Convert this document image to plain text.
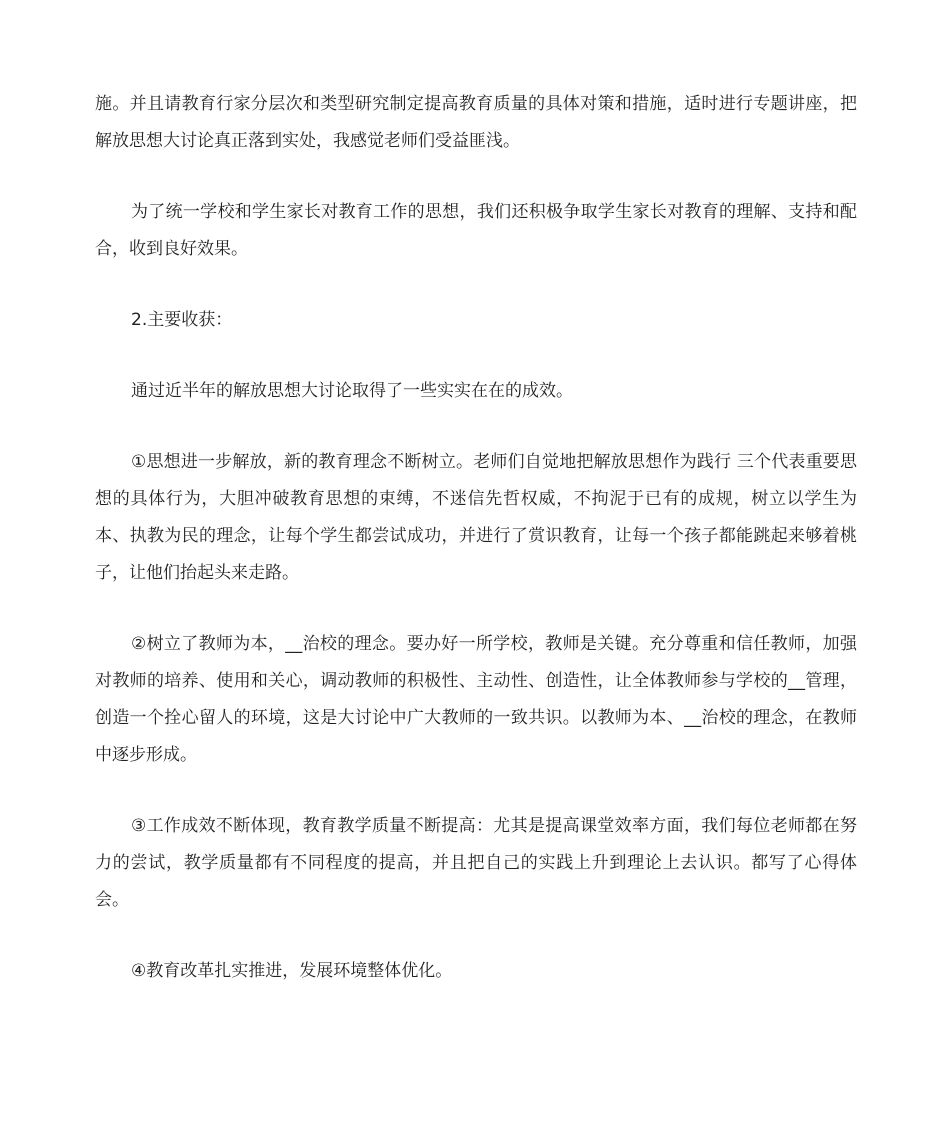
施。并且请教育行家分层次和类型研究制定提高教育质量的具体对策和措施，适时进行专题讲座，把解放思想大讨论真正落到实处，我感觉老师们受益匪浅。

为了统一学校和学生家长对教育工作的思想，我们还积极争取学生家长对教育的理解、支持和配合，收到良好效果。

2.主要收获：

通过近半年的解放思想大讨论取得了一些实实在在的成效。

①思想进一步解放，新的教育理念不断树立。老师们自觉地把解放思想作为践行 三个代表重要思想的具体行为，大胆冲破教育思想的束缚，不迷信先哲权威，不拘泥于已有的成规，树立以学生为本、执教为民的理念，让每个学生都尝试成功，并进行了赏识教育，让每一个孩子都能跳起来够着桃子，让他们抬起头来走路。

②树立了教师为本，__治校的理念。要办好一所学校，教师是关键。充分尊重和信任教师，加强对教师的培养、使用和关心，调动教师的积极性、主动性、创造性，让全体教师参与学校的__管理，创造一个拴心留人的环境，这是大讨论中广大教师的一致共识。以教师为本、__治校的理念，在教师中逐步形成。

③工作成效不断体现，教育教学质量不断提高：尤其是提高课堂效率方面，我们每位老师都在努力的尝试，教学质量都有不同程度的提高，并且把自己的实践上升到理论上去认识。都写了心得体会。

④教育改革扎实推进，发展环境整体优化。
